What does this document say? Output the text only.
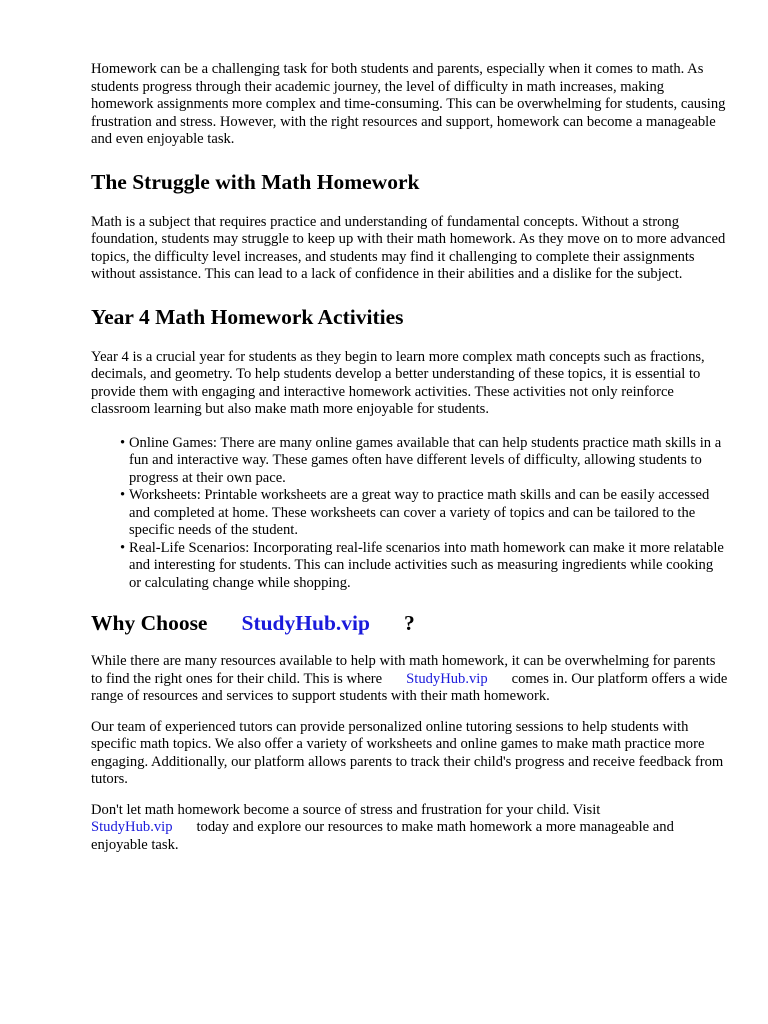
Homework can be a challenging task for both students and parents, especially when it comes to math. As students progress through their academic journey, the level of difficulty in math increases, making homework assignments more complex and time-consuming. This can be overwhelming for students, causing frustration and stress. However, with the right resources and support, homework can become a manageable and even enjoyable task.

The Struggle with Math Homework

Math is a subject that requires practice and understanding of fundamental concepts. Without a strong foundation, students may struggle to keep up with their math homework. As they move on to more advanced topics, the difficulty level increases, and students may find it challenging to complete their assignments without assistance. This can lead to a lack of confidence in their abilities and a dislike for the subject.

Year 4 Math Homework Activities

Year 4 is a crucial year for students as they begin to learn more complex math concepts such as fractions, decimals, and geometry. To help students develop a better understanding of these topics, it is essential to provide them with engaging and interactive homework activities. These activities not only reinforce classroom learning but also make math more enjoyable for students.

• Online Games: There are many online games available that can help students practice math skills in a fun and interactive way. These games often have different levels of difficulty, allowing students to progress at their own pace.
• Worksheets: Printable worksheets are a great way to practice math skills and can be easily accessed and completed at home. These worksheets can cover a variety of topics and can be tailored to the specific needs of the student.
• Real-Life Scenarios: Incorporating real-life scenarios into math homework can make it more relatable and interesting for students. This can include activities such as measuring ingredients while cooking or calculating change while shopping.
Why Choose StudyHub.vip ?

While there are many resources available to help with math homework, it can be overwhelming for parents to find the right ones for their child. This is where StudyHub.vip comes in. Our platform offers a wide range of resources and services to support students with their math homework.

Our team of experienced tutors can provide personalized online tutoring sessions to help students with specific math topics. We also offer a variety of worksheets and online games to make math practice more engaging. Additionally, our platform allows parents to track their child's progress and receive feedback from tutors.

Don't let math homework become a source of stress and frustration for your child. Visit StudyHub.vip today and explore our resources to make math homework a more manageable and enjoyable task.
